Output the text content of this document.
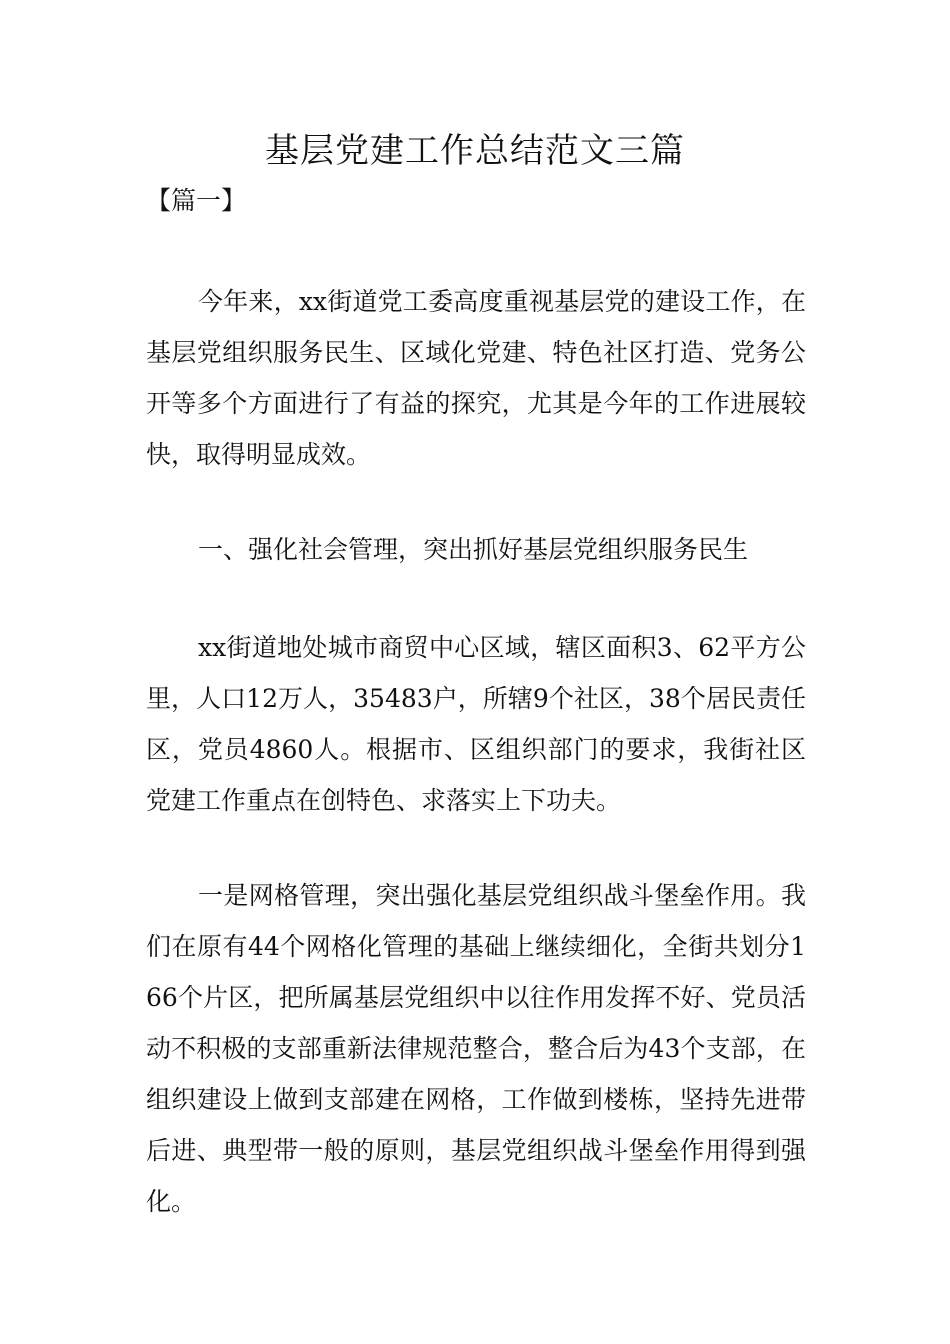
基层党建工作总结范文三篇
【篇一】

今年来，xx街道党工委高度重视基层党的建设工作，在基层党组织服务民生、区域化党建、特色社区打造、党务公开等多个方面进行了有益的探究，尤其是今年的工作进展较快，取得明显成效。

一、强化社会管理，突出抓好基层党组织服务民生

xx街道地处城市商贸中心区域，辖区面积3、62平方公里，人口12万人，35483户，所辖9个社区，38个居民责任区，党员4860人。根据市、区组织部门的要求，我街社区党建工作重点在创特色、求落实上下功夫。

一是网格管理，突出强化基层党组织战斗堡垒作用。我们在原有44个网格化管理的基础上继续细化，全街共划分166个片区，把所属基层党组织中以往作用发挥不好、党员活动不积极的支部重新法律规范整合，整合后为43个支部，在组织建设上做到支部建在网格，工作做到楼栋，坚持先进带后进、典型带一般的原则，基层党组织战斗堡垒作用得到强化。
